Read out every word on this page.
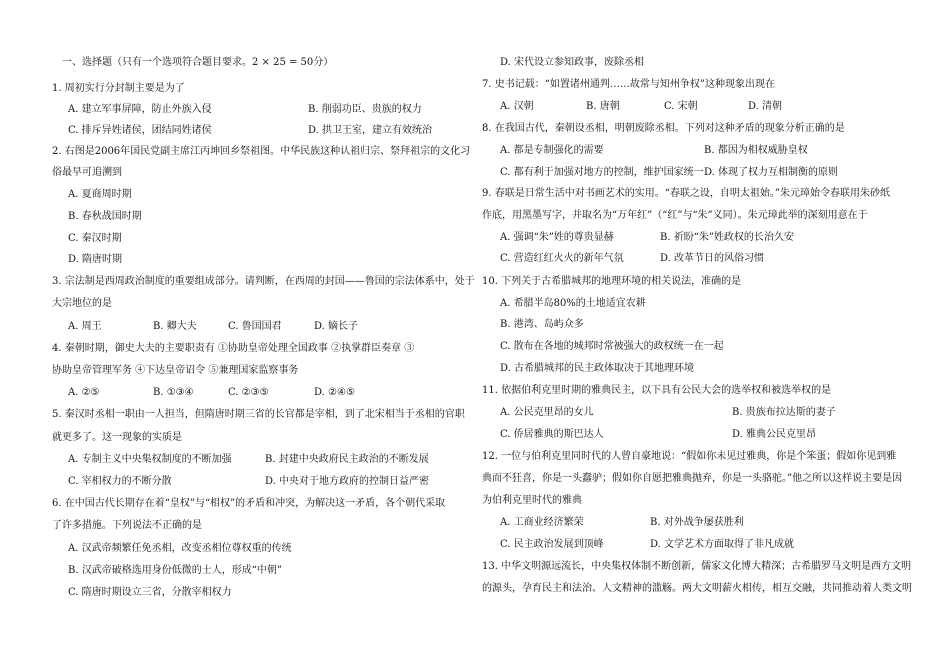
一、选择题（只有一个选项符合题目要求。2 × 25 = 50分）
1. 周初实行分封制主要是为了
A. 建立军事屏障，防止外族入侵	B. 削弱功臣、贵族的权力
C. 排斥异姓诸侯，团结同姓诸侯	D. 拱卫王室，建立有效统治
2. 右图是2006年国民党副主席江丙坤回乡祭祖图。中华民族这种认祖归宗、祭拜祖宗的文化习
俗最早可追溯到
A. 夏商周时期
B. 春秋战国时期
C. 秦汉时期
D. 隋唐时期
3. 宗法制是西周政治制度的重要组成部分。请判断，在西周的封国——鲁国的宗法体系中，处于
大宗地位的是
A. 周王	B. 卿大夫	C. 鲁国国君	D. 嫡长子
4. 秦朝时期，御史大夫的主要职责有 ①协助皇帝处理全国政事 ②执掌群臣奏章 ③
协助皇帝管理军务 ④下达皇帝诏令 ⑤兼理国家监察事务
A. ②⑤	B. ①③④	C. ②③⑤	D. ②④⑤
5. 秦汉时丞相一职由一人担当，但隋唐时期三省的长官都是宰相，到了北宋相当于丞相的官职
就更多了。这一现象的实质是
A. 专制主义中央集权制度的不断加强	B. 封建中央政府民主政治的不断发展
C. 宰相权力的不断分散	D. 中央对于地方政府的控制日益严密
6. 在中国古代长期存在着“皇权”与“相权”的矛盾和冲突，为解决这一矛盾，各个朝代采取
了许多措施。下列说法不正确的是
A. 汉武帝频繁任免丞相，改变丞相位尊权重的传统
B. 汉武帝破格选用身份低微的士人，形成“中朝”
C. 隋唐时期设立三省，分散宰相权力
D. 宋代设立参知政事，废除丞相
7. 史书记载：“如置诸州通判……故常与知州争权”这种现象出现在
A. 汉朝	B. 唐朝	C. 宋朝	D. 清朝
8. 在我国古代，秦朝设丞相，明朝废除丞相。下列对这种矛盾的现象分析正确的是
A. 都是专制强化的需要	B. 都因为相权威胁皇权
C. 都有利于加强对地方的控制，维护国家统一 D. 体现了权力互相制衡的原则
9. 春联是日常生活中对书画艺术的实用。“春联之设，自明太祖始。”朱元璋始令春联用朱砂纸
作底，用黑墨写字，并取名为“万年红”（“红”与“朱”义同）。朱元璋此举的深刻用意在于
A. 强调“朱”姓的尊贵显赫	B. 祈盼“朱”姓政权的长治久安
C. 营造红红火火的新年气氛	D. 改革节日的风俗习惯
10. 下列关于古希腊城邦的地理环境的相关说法，准确的是
A. 希腊半岛80%的土地适宜农耕
B. 港湾、岛屿众多
C. 散布在各地的城邦时常被强大的政权统一在一起
D. 古希腊城邦的民主政体取决于其地理环境
11. 依据伯利克里时期的雅典民主，以下具有公民大会的选举权和被选举权的是
A. 公民克里昂的女儿	B. 贵族布拉达斯的妻子
C. 侨居雅典的斯巴达人	D. 雅典公民克里昂
12. 一位与伯利克里同时代的人曾自豪地说：“假如你未见过雅典，你是个笨蛋；假如你见到雅
典而不狂喜，你是一头蠢驴；假如你自愿把雅典抛弃，你是一头骆驼。”他之所以这样说主要是因
为伯利克里时代的雅典
A. 工商业经济繁荣	B. 对外战争屡获胜利
C. 民主政治发展到顶峰	D. 文学艺术方面取得了非凡成就
13. 中华文明源远流长，中央集权体制不断创新，儒家文化博大精深；古希腊罗马文明是西方文明
的源头，孕育民主和法治、人文精神的滥觞。两大文明薪火相传，相互交融，共同推动着人类文明
